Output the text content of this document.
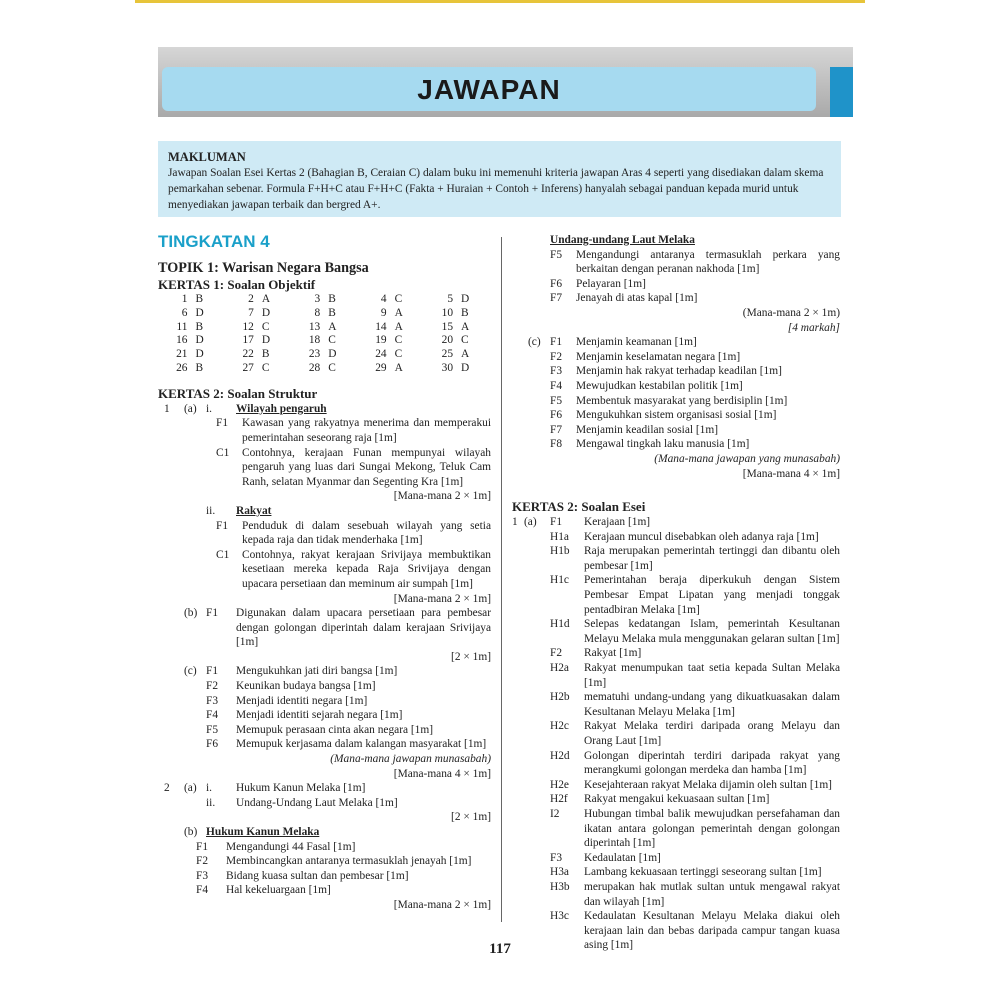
JAWAPAN
MAKLUMAN
Jawapan Soalan Esei Kertas 2 (Bahagian B, Ceraian C) dalam buku ini memenuhi kriteria jawapan Aras 4 seperti yang disediakan dalam skema pemarkahan sebenar. Formula F+H+C atau F+H+C (Fakta + Huraian + Contoh + Inferens) hanyalah sebagai panduan kepada murid untuk menyediakan jawapan terbaik dan bergred A+.
TINGKATAN 4
TOPIK 1: Warisan Negara Bangsa
KERTAS 1: Soalan Objektif
1	B	2	A	3	B	4	C	5	D
6	D	7	D	8	B	9	A	10	B
11	B	12	C	13	A	14	A	15	A
16	D	17	D	18	C	19	C	20	C
21	D	22	B	23	D	24	C	25	A
26	B	27	C	28	C	29	A	30	D
KERTAS 2: Soalan Struktur
1	(a) i.	Wilayah pengaruh
F1	Kawasan yang rakyatnya menerima dan memperakui pemerintahan seseorang raja [1m]
C1	Contohnya, kerajaan Funan mempunyai wilayah pengaruh yang luas dari Sungai Mekong, Teluk Cam Ranh, selatan Myanmar dan Segenting Kra [1m]
[Mana-mana 2 × 1m]
ii.	Rakyat
F1	Penduduk di dalam sesebuah wilayah yang setia kepada raja dan tidak menderhaka [1m]
C1	Contohnya, rakyat kerajaan Srivijaya membuktikan kesetiaan mereka kepada Raja Srivijaya dengan upacara persetiaan dan meminum air sumpah [1m]
[Mana-mana 2 × 1m]
(b) F1	Digunakan dalam upacara persetiaan para pembesar dengan golongan diperintah dalam kerajaan Srivijaya [1m]
[2 × 1m]
(c) F1	Mengukuhkan jati diri bangsa [1m]
F2	Keunikan budaya bangsa [1m]
F3	Menjadi identiti negara [1m]
F4	Menjadi identiti sejarah negara [1m]
F5	Memupuk perasaan cinta akan negara [1m]
F6	Memupuk kerjasama dalam kalangan masyarakat [1m]
(Mana-mana jawapan munasabah)
[Mana-mana 4 × 1m]
2	(a) i.	Hukum Kanun Melaka [1m]
ii.	Undang-Undang Laut Melaka [1m]
[2 × 1m]
(b) Hukum Kanun Melaka
F1	Mengandungi 44 Fasal [1m]
F2	Membincangkan antaranya termasuklah jenayah [1m]
F3	Bidang kuasa sultan dan pembesar [1m]
F4	Hal kekeluargaan [1m]
[Mana-mana 2 × 1m]
Undang-undang Laut Melaka
F5	Mengandungi antaranya termasuklah perkara yang berkaitan dengan peranan nakhoda [1m]
F6	Pelayaran [1m]
F7	Jenayah di atas kapal [1m]
(Mana-mana 2 × 1m)
[4 markah]
(c) F1	Menjamin keamanan [1m]
F2	Menjamin keselamatan negara [1m]
F3	Menjamin hak rakyat terhadap keadilan [1m]
F4	Mewujudkan kestabilan politik [1m]
F5	Membentuk masyarakat yang berdisiplin [1m]
F6	Mengukuhkan sistem organisasi sosial [1m]
F7	Menjamin keadilan sosial [1m]
F8	Mengawal tingkah laku manusia [1m]
(Mana-mana jawapan yang munasabah)
[Mana-mana 4 × 1m]
KERTAS 2: Soalan Esei
1 (a)	F1	Kerajaan [1m]
H1a	Kerajaan muncul disebabkan oleh adanya raja [1m]
H1b	Raja merupakan pemerintah tertinggi dan dibantu oleh pembesar [1m]
H1c	Pemerintahan beraja diperkukuh dengan Sistem Pembesar Empat Lipatan yang menjadi tonggak pentadbiran Melaka [1m]
H1d	Selepas kedatangan Islam, pemerintah Kesultanan Melayu Melaka mula menggunakan gelaran sultan [1m]
F2	Rakyat [1m]
H2a	Rakyat menumpukan taat setia kepada Sultan Melaka [1m]
H2b	mematuhi undang-undang yang dikuatkuasakan dalam Kesultanan Melayu Melaka [1m]
H2c	Rakyat Melaka terdiri daripada orang Melayu dan Orang Laut [1m]
H2d	Golongan diperintah terdiri daripada rakyat yang merangkumi golongan merdeka dan hamba [1m]
H2e	Kesejahteraan rakyat Melaka dijamin oleh sultan [1m]
H2f	Rakyat mengakui kekuasaan sultan [1m]
I2	Hubungan timbal balik mewujudkan persefahaman dan ikatan antara golongan pemerintah dengan golongan diperintah [1m]
F3	Kedaulatan [1m]
H3a	Lambang kekuasaan tertinggi seseorang sultan [1m]
H3b	merupakan hak mutlak sultan untuk mengawal rakyat dan wilayah [1m]
H3c	Kedaulatan Kesultanan Melayu Melaka diakui oleh kerajaan lain dan bebas daripada campur tangan kuasa asing [1m]
117
